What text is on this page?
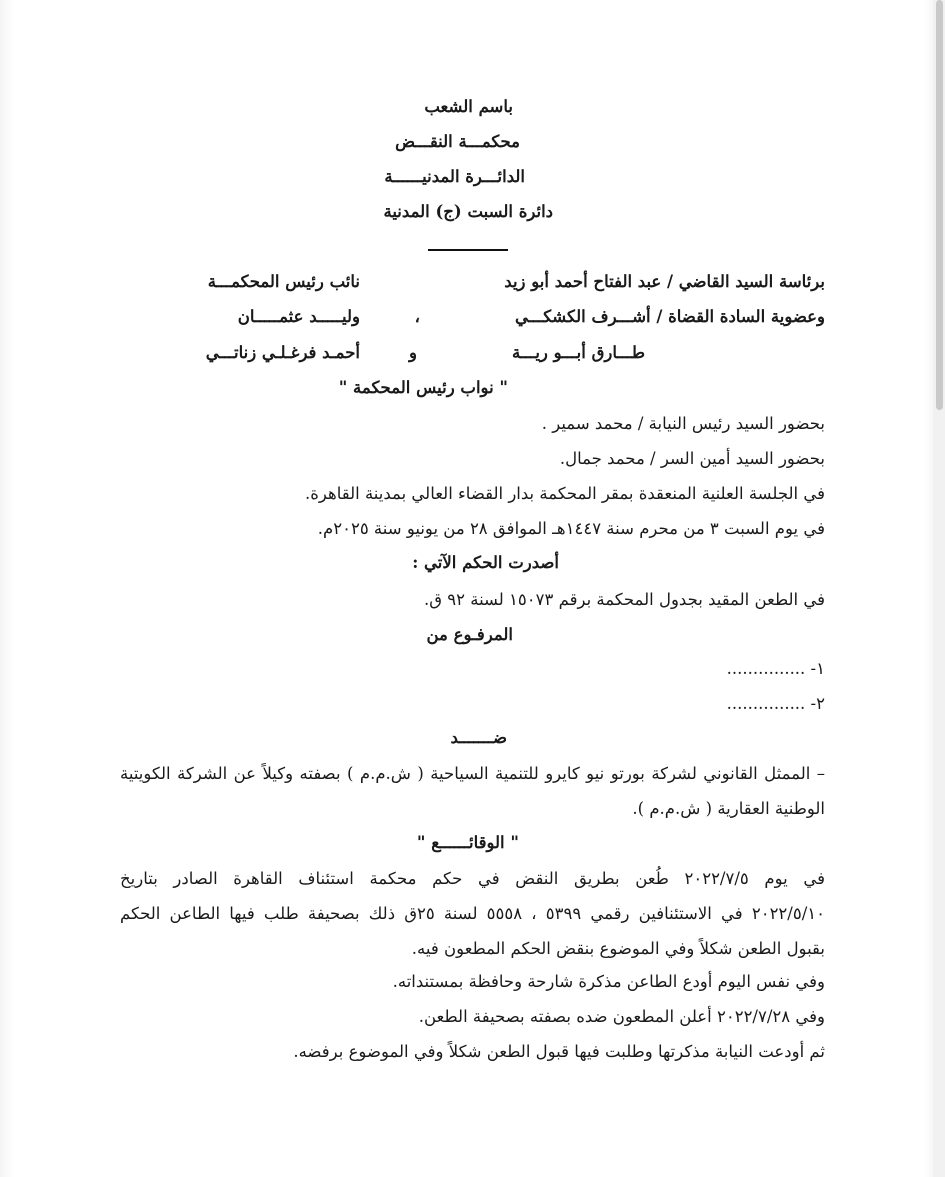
باسم الشعب
محكمـــة النقـــض
الدائـــرة المدنيــــــة
دائرة السبت (ج) المدنية
برئاسة السيد القاضي / عبد الفتاح أحمد أبو زيد
نائب رئيس المحكمـــة
وعضوية السادة القضاة / أشـــرف الكشكـــي
،
وليـــــد عثمـــــان
طـــارق أبـــو ريـــة
و
أحمـد فرغـلـي زناتـــي
" نواب رئيس المحكمة "
بحضور السيد رئيس النيابة / محمد سمير .
بحضور السيد أمين السر / محمد جمال.
في الجلسة العلنية المنعقدة بمقر المحكمة بدار القضاء العالي بمدينة القاهرة.
في يوم السبت ٣ من محرم سنة ١٤٤٧هـ الموافق ٢٨ من يونيو سنة ٢٠٢٥م.
أصدرت الحكم الآتي :
في الطعن المقيد بجدول المحكمة برقم ١٥٠٧٣ لسنة ٩٢ ق.
المرفـوع من
١- ...............
٢- ...............
ضـــــــد
– الممثل القانوني لشركة بورتو نيو كايرو للتنمية السياحية ( ش.م.م ) بصفته وكيلاً عن الشركة الكويتية
الوطنية العقارية ( ش.م.م ).
" الوقائــــــع "
في يوم ٢٠٢٢/٧/٥ طُعن بطريق النقض في حكم محكمة استئناف القاهرة الصادر بتاريخ
٢٠٢٢/٥/١٠ في الاستئنافين رقمي ٥٣٩٩ ، ٥٥٥٨ لسنة ٢٥ق ذلك بصحيفة طلب فيها الطاعن الحكم
بقبول الطعن شكلاً وفي الموضوع بنقض الحكم المطعون فيه.
وفي نفس اليوم أودع الطاعن مذكرة شارحة وحافظة بمستنداته.
وفي ٢٠٢٢/٧/٢٨ أعلن المطعون ضده بصفته بصحيفة الطعن.
ثم أودعت النيابة مذكرتها وطلبت فيها قبول الطعن شكلاً وفي الموضوع برفضه.
